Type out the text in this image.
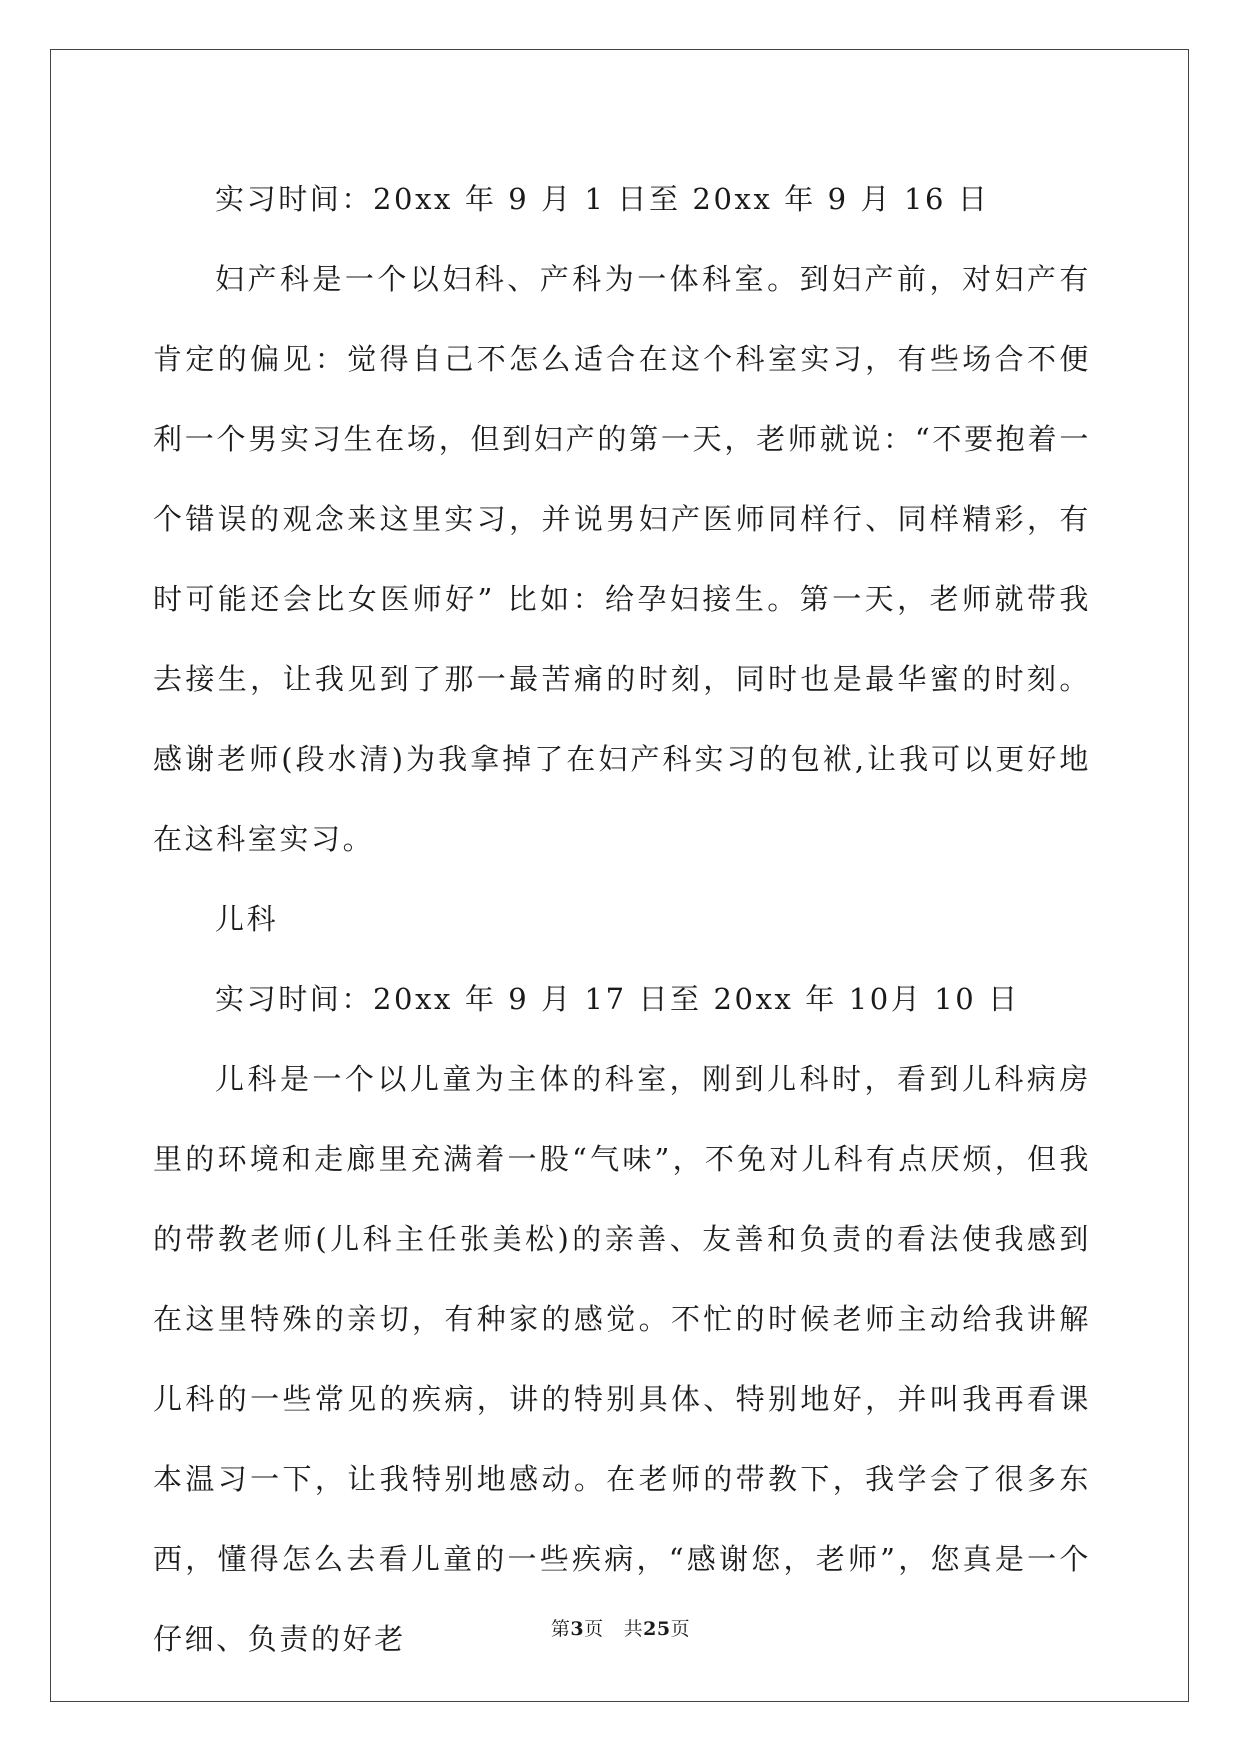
实习时间：20xx 年 9 月 1 日至 20xx 年 9 月 16 日

妇产科是一个以妇科、产科为一体科室。到妇产前，对妇产有肯定的偏见：觉得自己不怎么适合在这个科室实习，有些场合不便利一个男实习生在场，但到妇产的第一天，老师就说：“不要抱着一个错误的观念来这里实习，并说男妇产医师同样行、同样精彩，有时可能还会比女医师好” 比如：给孕妇接生。第一天，老师就带我去接生，让我见到了那一最苦痛的时刻，同时也是最华蜜的时刻。感谢老师(段水清)为我拿掉了在妇产科实习的包袱,让我可以更好地在这科室实习。

儿科

实习时间：20xx 年 9 月 17 日至 20xx 年 10月 10 日

儿科是一个以儿童为主体的科室，刚到儿科时，看到儿科病房里的环境和走廊里充满着一股“气味”，不免对儿科有点厌烦，但我的带教老师(儿科主任张美松)的亲善、友善和负责的看法使我感到在这里特殊的亲切，有种家的感觉。不忙的时候老师主动给我讲解儿科的一些常见的疾病，讲的特别具体、特别地好，并叫我再看课本温习一下，让我特别地感动。在老师的带教下，我学会了很多东西，懂得怎么去看儿童的一些疾病，“感谢您，老师”，您真是一个仔细、负责的好老	第3页 共25页
